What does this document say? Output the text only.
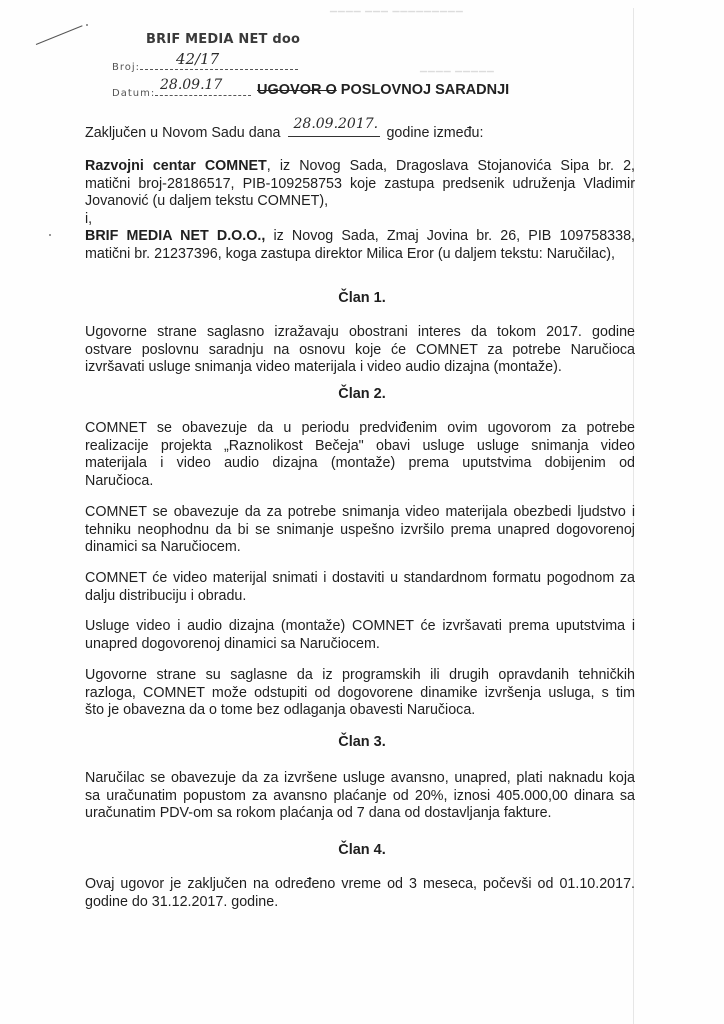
▁▁▁▁ ▁▁▁ ▁▁▁▁▁▁▁▁▁
▁▁▁▁ ▁▁▁▁▁
BRIF MEDIA NET doo
Broj:	42/17
Datum:
28.09.17 UGOVOR O POSLOVNOJ SARADNJI
Zaključen u Novom Sadu dana
28.09.2017.
godine između:
Razvojni centar COMNET, iz Novog Sada, Dragoslava Stojanovića Sipa br. 2,
matični broj-28186517, PIB-109258753 koje zastupa predsenik udruženja Vladimir
Jovanović (u daljem tekstu COMNET),
i,
BRIF MEDIA NET D.O.O., iz Novog Sada, Zmaj Jovina br. 26, PIB 109758338,
matični br. 21237396, koga zastupa direktor Milica Eror (u daljem tekstu: Naručilac),
Član 1.
Ugovorne strane saglasno izražavaju obostrani interes da tokom 2017. godine
ostvare poslovnu saradnju na osnovu koje će COMNET za potrebe Naručioca
izvršavati usluge snimanja video materijala i video audio dizajna (montaže).
Član 2.
COMNET se obavezuje da u periodu predviđenim ovim ugovorom za potrebe
realizacije projekta „Raznolikost Bečeja" obavi usluge usluge snimanja video
materijala i video audio dizajna (montaže) prema uputstvima dobijenim od
Naručioca.
COMNET se obavezuje da za potrebe snimanja video materijala obezbedi ljudstvo i
tehniku neophodnu da bi se snimanje uspešno izvršilo prema unapred dogovorenoj
dinamici sa Naručiocem.
COMNET će video materijal snimati i dostaviti u standardnom formatu pogodnom za
dalju distribuciju i obradu.
Usluge video i audio dizajna (montaže) COMNET će izvršavati prema uputstvima i
unapred dogovorenoj dinamici sa Naručiocem.
Ugovorne strane su saglasne da iz programskih ili drugih opravdanih tehničkih
razloga, COMNET može odstupiti od dogovorene dinamike izvršenja usluga, s tim
što je obavezna da o tome bez odlaganja obavesti Naručioca.
Član 3.
Naručilac se obavezuje da za izvršene usluge avansno, unapred, plati naknadu koja
sa uračunatim popustom za avansno plaćanje od 20%, iznosi 405.000,00 dinara sa
uračunatim PDV-om sa rokom plaćanja od 7 dana od dostavljanja fakture.
Član 4.
Ovaj ugovor je zaključen na određeno vreme od 3 meseca, počevši od 01.10.2017.
godine do 31.12.2017. godine.
